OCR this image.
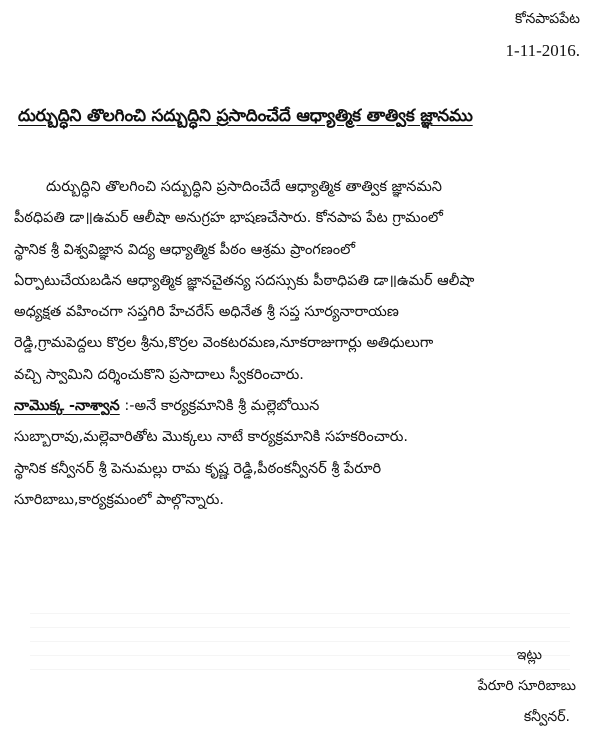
కోనపాపపేట
1-11-2016.
దుర్బుద్ధిని తొలగించి సద్బుద్ధిని ప్రసాదించేదే ఆధ్యాత్మిక తాత్విక జ్ఞానము
దుర్బుద్ధిని తొలగించి సద్బుద్ధిని ప్రసాదించేదే ఆధ్యాత్మిక తాత్విక జ్ఞానమని
పీఠధిపతి డా॥ఉమర్ ఆలీషా అనుగ్రహ భాషణచేసారు. కోనపాప పేట గ్రామంలో
స్థానిక శ్రీ విశ్వవిజ్ఞాన విద్య ఆధ్యాత్మిక పీఠం ఆశ్రమ ప్రాంగణంలో
ఏర్పాటుచేయబడిన ఆధ్యాత్మిక జ్ఞానచైతన్య సదస్సుకు పీఠాధిపతి డా॥ఉమర్ ఆలీషా
అధ్యక్షత వహించగా సప్తగిరి హేచరేస్ అధినేత శ్రీ సప్త సూర్యనారాయణ
రెడ్డి,గ్రామపెద్దలు కొర్రల శ్రీను,కొర్రల వెంకటరమణ,నూకరాజుగార్లు అతిధులుగా
వచ్చి స్వామిని దర్శించుకొని ప్రసాదాలు స్వీకరించారు.
నామొక్క -నాశ్వాన :-అనే కార్యక్రమానికి శ్రీ మల్లెబోయిన
సుబ్బారావు,మల్లెవారితోట మొక్కలు నాటే కార్యక్రమానికి సహకరించారు.
స్థానిక కన్వీనర్ శ్రీ పెనుమల్లు రామ కృష్ణ రెడ్డి,పీఠంకన్వీనర్ శ్రీ పేరూరి
సూరిబాబు,కార్యక్రమంలో పాల్గొన్నారు.
ఇట్లు
పేరూరి సూరిబాబు
కన్వీనర్.
